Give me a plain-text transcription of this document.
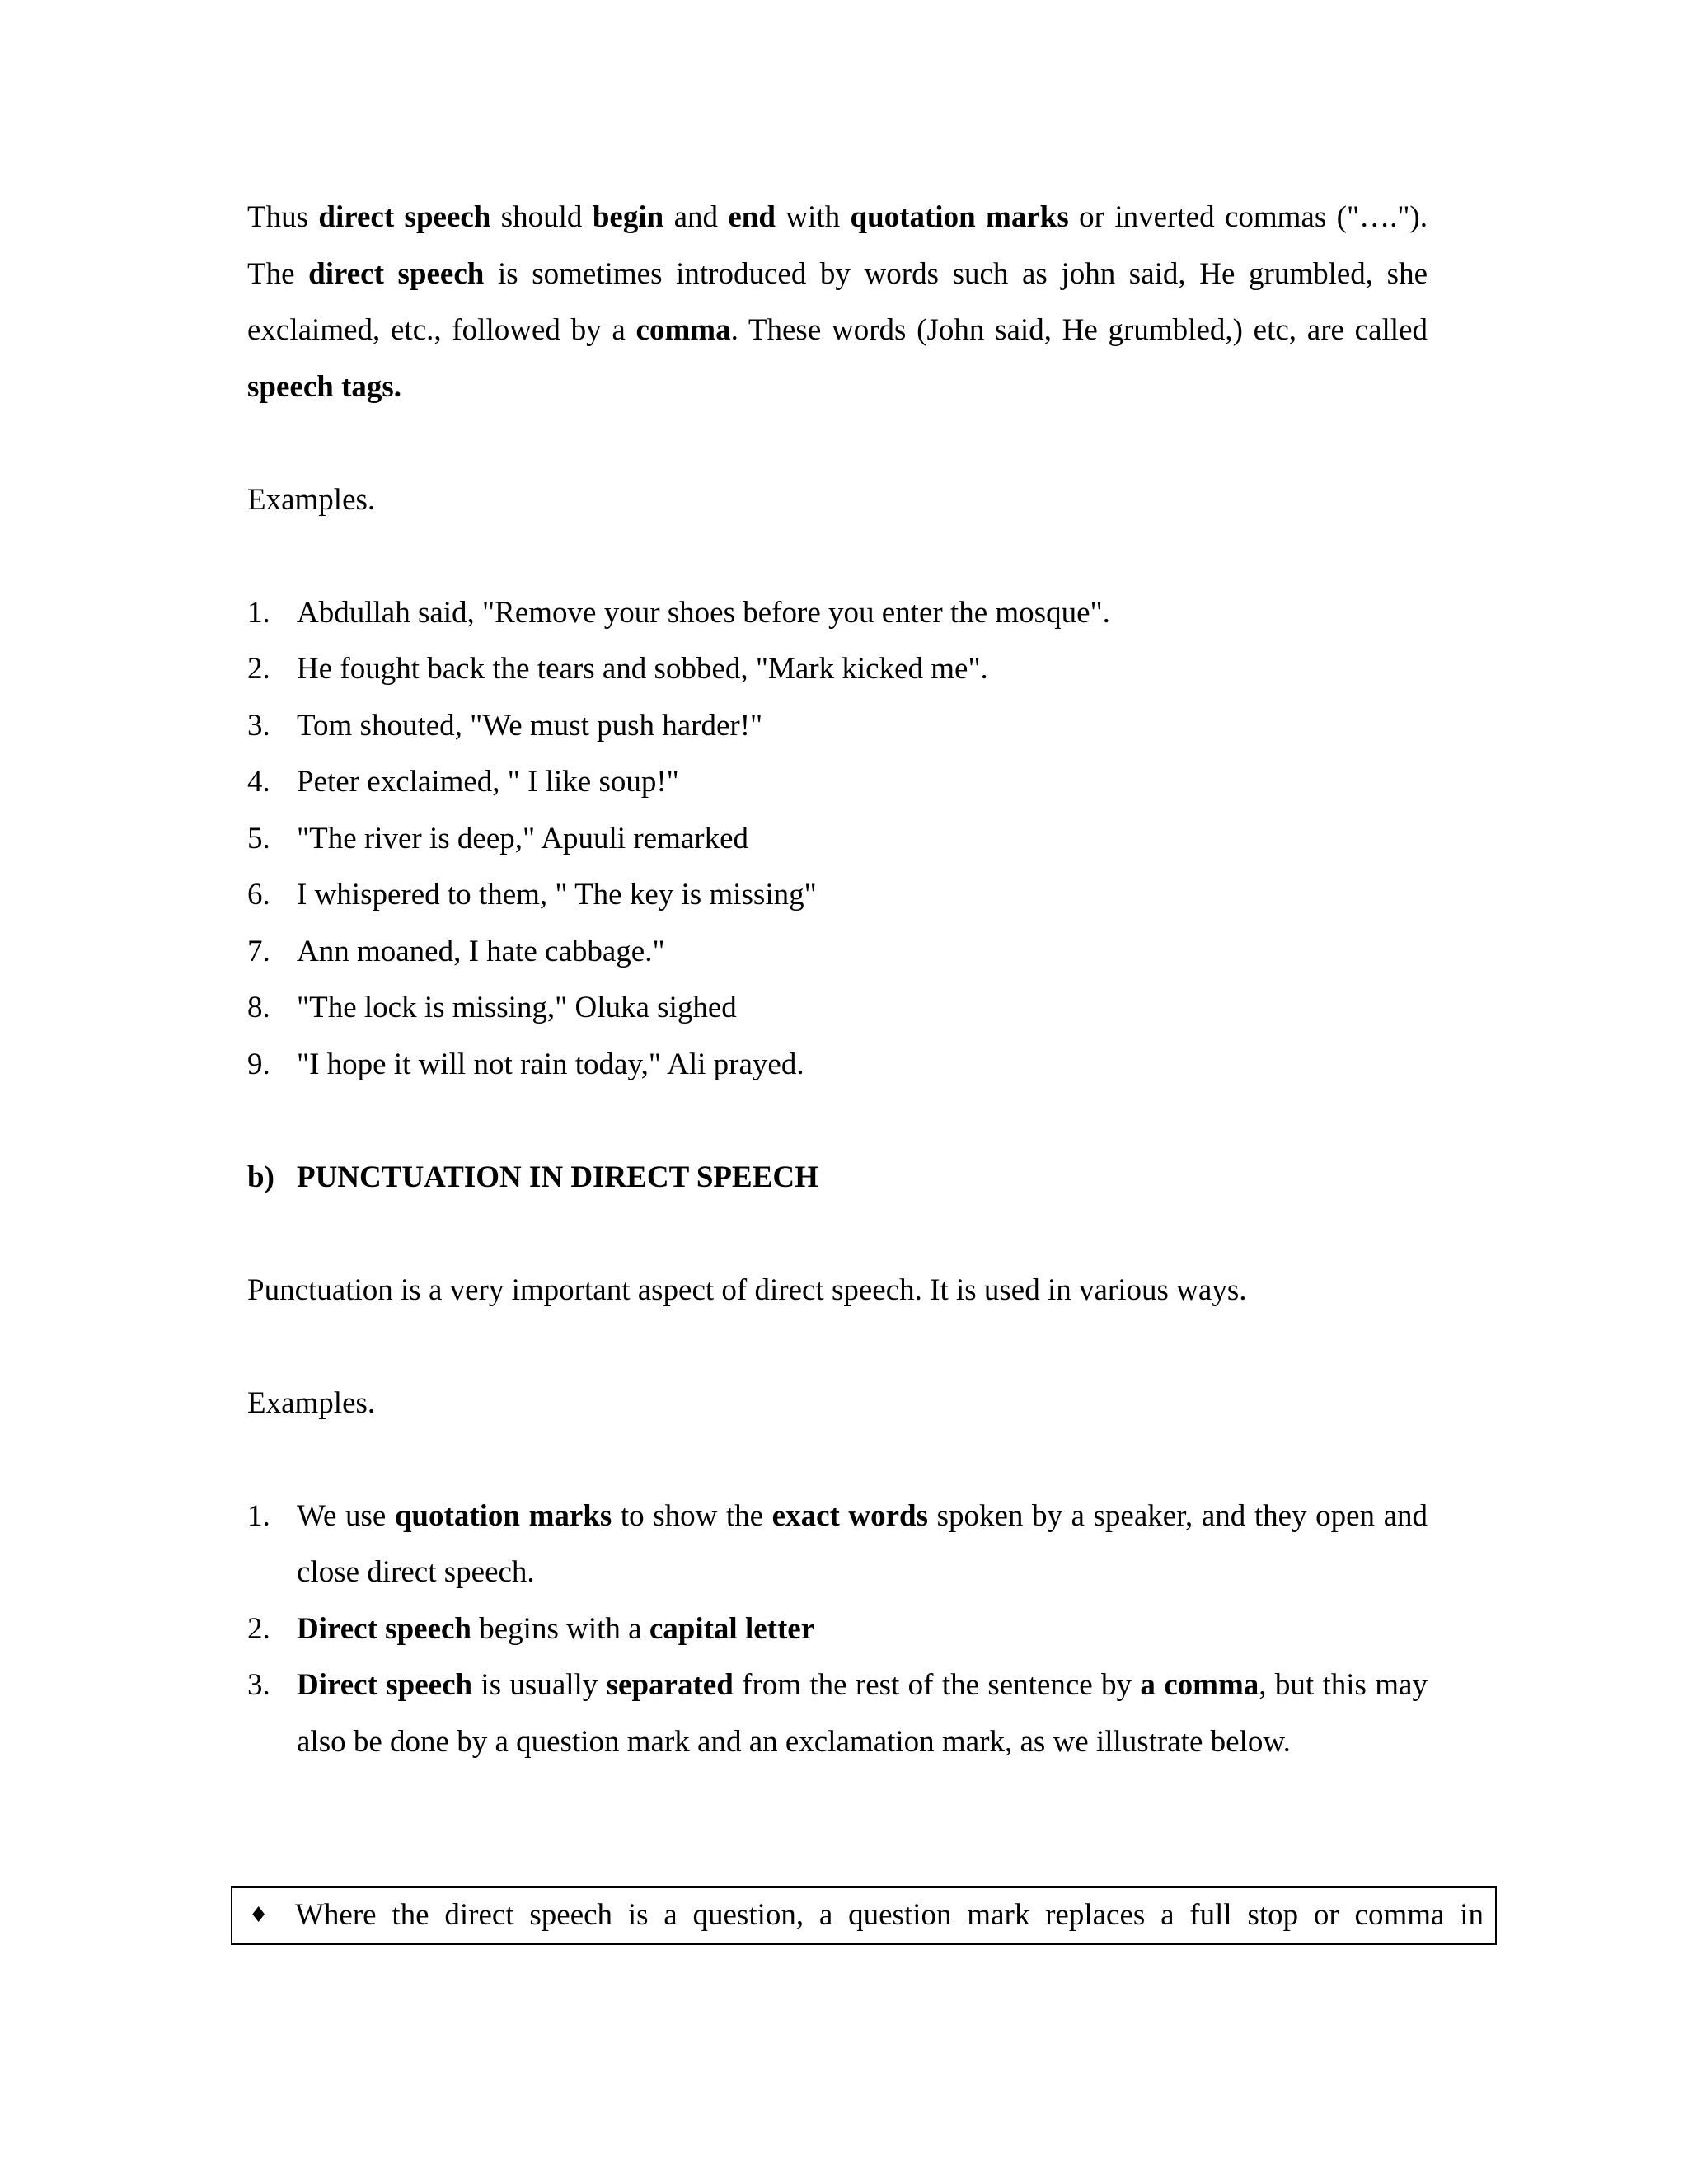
Thus direct speech should begin and end with quotation marks or inverted commas ("…."). The direct speech is sometimes introduced by words such as john said, He grumbled, she exclaimed, etc., followed by a comma. These words (John said, He grumbled,) etc, are called speech tags.

Examples.

1. Abdullah said, "Remove your shoes before you enter the mosque".
2. He fought back the tears and sobbed, "Mark kicked me".
3. Tom shouted, "We must push harder!"
4. Peter exclaimed, " I like soup!"
5. "The river is deep," Apuuli remarked
6. I whispered to them, " The key is missing"
7. Ann moaned, I hate cabbage."
8. "The lock is missing," Oluka sighed
9. "I hope it will not rain today," Ali prayed.

b) PUNCTUATION IN DIRECT SPEECH

Punctuation is a very important aspect of direct speech. It is used in various ways.

Examples.

1. We use quotation marks to show the exact words spoken by a speaker, and they open and close direct speech.
2. Direct speech begins with a capital letter
3. Direct speech is usually separated from the rest of the sentence by a comma, but this may also be done by a question mark and an exclamation mark, as we illustrate below.
♦ Where the direct speech is a question, a question mark replaces a full stop or comma in
